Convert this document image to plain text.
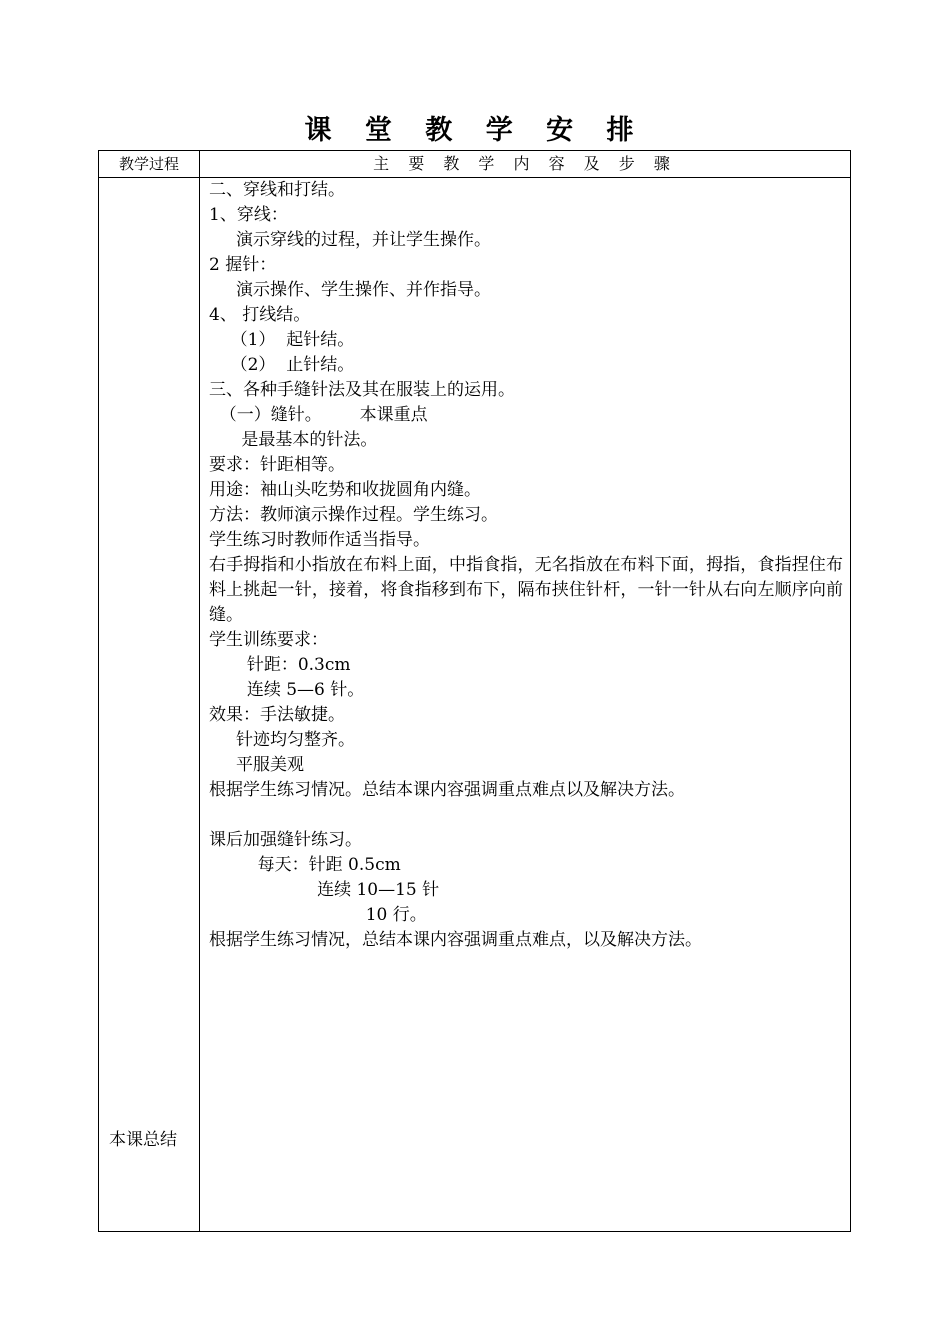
课 堂 教 学 安 排
教学过程	主 要 教 学 内 容 及 步 骤
本课总结
二、穿线和打结。
1、穿线：
演示穿线的过程，并让学生操作。
2 握针：
演示操作、学生操作、并作指导。
4、 打线结。
（1）  起针结。
（2）  止针结。
三、各种手缝针法及其在服装上的运用。
（一）缝针。       本课重点
是最基本的针法。
要求：针距相等。
用途：袖山头吃势和收拢圆角内缝。
方法：教师演示操作过程。学生练习。
学生练习时教师作适当指导。
右手拇指和小指放在布料上面，中指食指，无名指放在布料下面，拇指，食指捏住布料上挑起一针，接着，将食指移到布下，隔布挟住针杆，一针一针从右向左顺序向前缝。
学生训练要求：
针距：0.3cm
连续 5—6 针。
效果：手法敏捷。
针迹均匀整齐。
平服美观
根据学生练习情况。总结本课内容强调重点难点以及解决方法。
课后加强缝针练习。
每天：针距 0.5cm
连续 10—15 针
10 行。
根据学生练习情况，总结本课内容强调重点难点，以及解决方法。
